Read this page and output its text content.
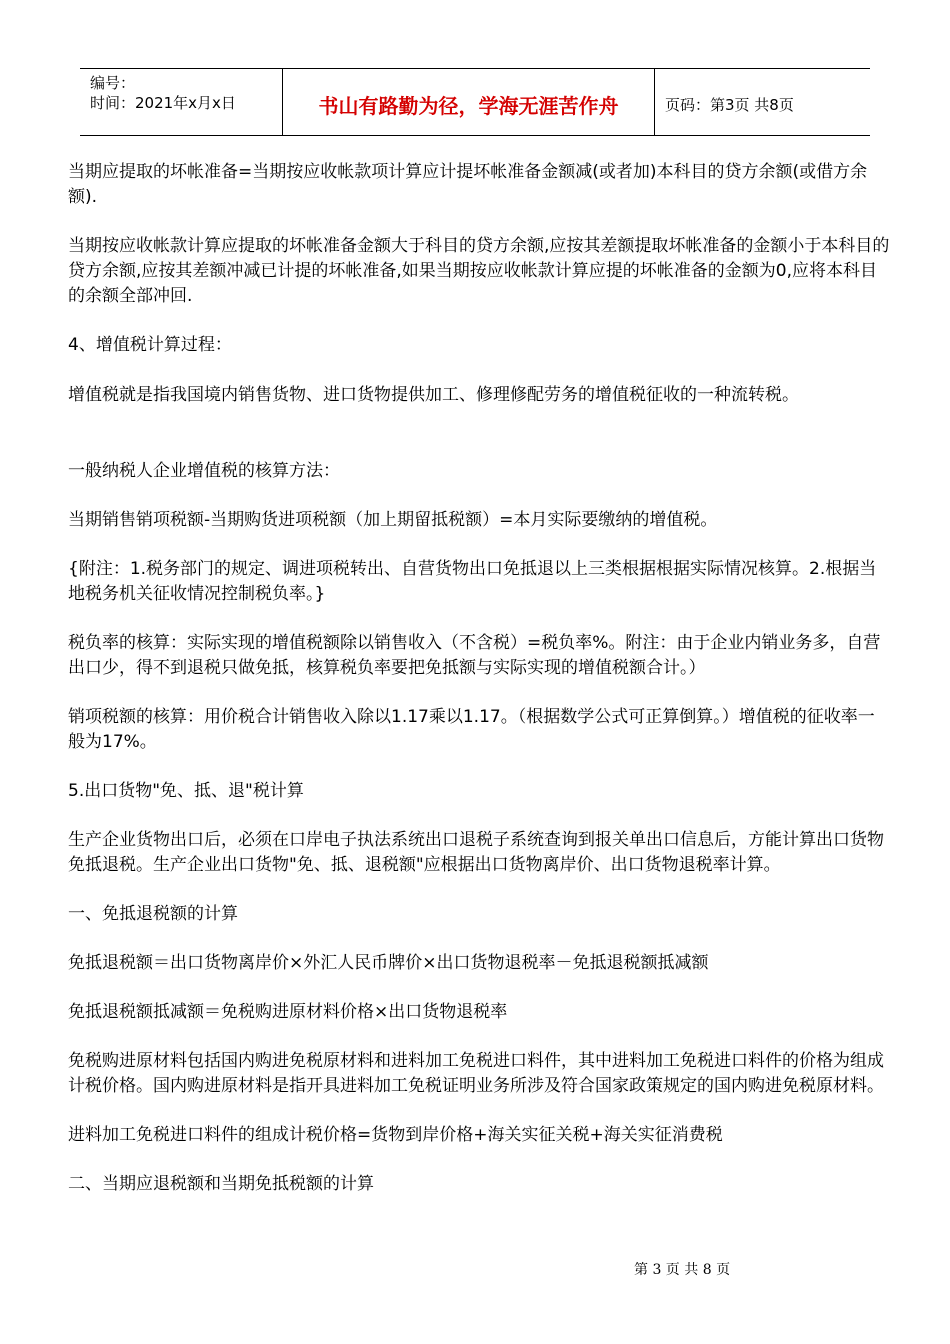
编号：
时间：2021年x月x日	书山有路勤为径，学海无涯苦作舟	页码：第3页 共8页

当期应提取的坏帐准备=当期按应收帐款项计算应计提坏帐准备金额减(或者加)本科目的贷方余额(或借方余额).

当期按应收帐款计算应提取的坏帐准备金额大于科目的贷方余额,应按其差额提取坏帐准备的金额小于本科目的贷方余额,应按其差额冲减已计提的坏帐准备,如果当期按应收帐款计算应提的坏帐准备的金额为0,应将本科目的余额全部冲回.

4、增值税计算过程：

增值税就是指我国境内销售货物、进口货物提供加工、修理修配劳务的增值税征收的一种流转税。

一般纳税人企业增值税的核算方法：

当期销售销项税额-当期购货进项税额（加上期留抵税额）=本月实际要缴纳的增值税。

{附注：1.税务部门的规定、调进项税转出、自营货物出口免抵退以上三类根据根据实际情况核算。2.根据当地税务机关征收情况控制税负率。}

税负率的核算：实际实现的增值税额除以销售收入（不含税）=税负率%。附注：由于企业内销业务多，自营出口少，得不到退税只做免抵，核算税负率要把免抵额与实际实现的增值税额合计。）

销项税额的核算：用价税合计销售收入除以1.17乘以1.17。（根据数学公式可正算倒算。）增值税的征收率一般为17%。

5.出口货物"免、抵、退"税计算

生产企业货物出口后，必须在口岸电子执法系统出口退税子系统查询到报关单出口信息后，方能计算出口货物免抵退税。生产企业出口货物"免、抵、退税额"应根据出口货物离岸价、出口货物退税率计算。

一、免抵退税额的计算

免抵退税额＝出口货物离岸价×外汇人民币牌价×出口货物退税率－免抵退税额抵减额

免抵退税额抵减额＝免税购进原材料价格×出口货物退税率

免税购进原材料包括国内购进免税原材料和进料加工免税进口料件，其中进料加工免税进口料件的价格为组成计税价格。国内购进原材料是指开具进料加工免税证明业务所涉及符合国家政策规定的国内购进免税原材料。

进料加工免税进口料件的组成计税价格=货物到岸价格+海关实征关税+海关实征消费税

二、当期应退税额和当期免抵税额的计算

第 3 页 共 8 页
